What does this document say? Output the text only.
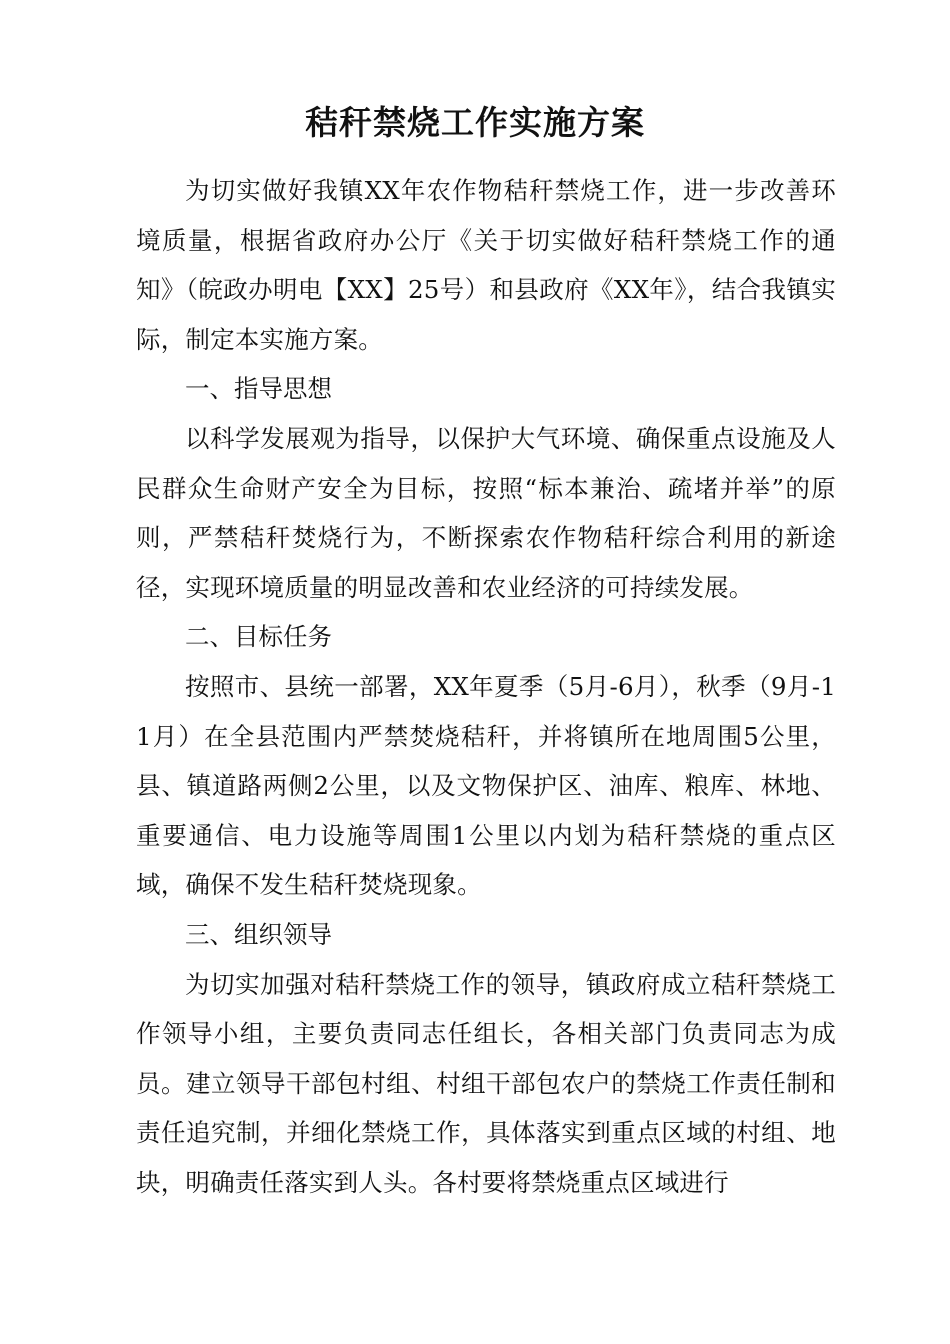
秸秆禁烧工作实施方案

为切实做好我镇XX年农作物秸秆禁烧工作，进一步改善环境质量，根据省政府办公厅《关于切实做好秸秆禁烧工作的通知》（皖政办明电【XX】25号）和县政府《XX年》，结合我镇实际，制定本实施方案。

一、指导思想

以科学发展观为指导，以保护大气环境、确保重点设施及人民群众生命财产安全为目标，按照“标本兼治、疏堵并举”的原则，严禁秸秆焚烧行为，不断探索农作物秸秆综合利用的新途径，实现环境质量的明显改善和农业经济的可持续发展。

二、目标任务

按照市、县统一部署，XX年夏季（5月-6月），秋季（9月-11月）在全县范围内严禁焚烧秸秆，并将镇所在地周围5公里，县、镇道路两侧2公里，以及文物保护区、油库、粮库、林地、重要通信、电力设施等周围1公里以内划为秸秆禁烧的重点区域，确保不发生秸秆焚烧现象。

三、组织领导

为切实加强对秸秆禁烧工作的领导，镇政府成立秸秆禁烧工作领导小组，主要负责同志任组长，各相关部门负责同志为成员。建立领导干部包村组、村组干部包农户的禁烧工作责任制和责任追究制，并细化禁烧工作，具体落实到重点区域的村组、地块，明确责任落实到人头。各村要将禁烧重点区域进行
